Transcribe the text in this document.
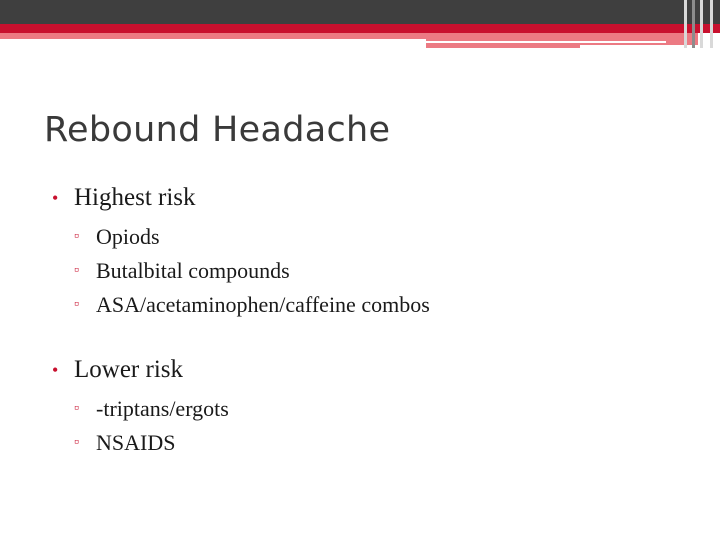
Rebound Headache
• Highest risk
▫ Opiods
▫ Butalbital compounds
▫ ASA/acetaminophen/caffeine combos
• Lower risk
▫ -triptans/ergots
▫ NSAIDS
